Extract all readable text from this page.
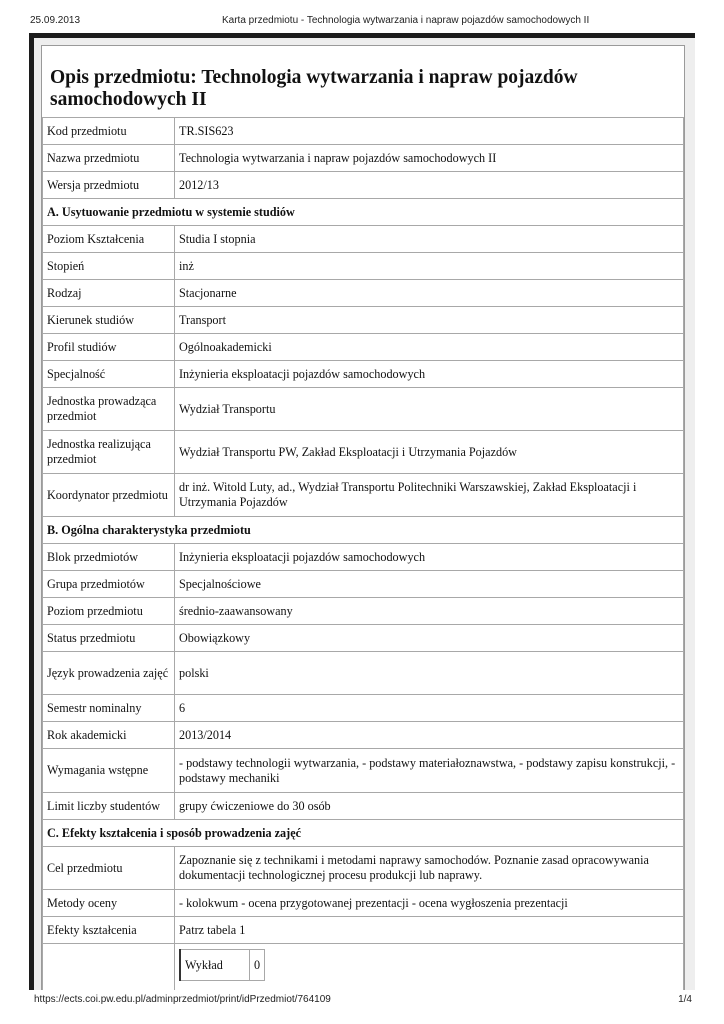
25.09.2013	Karta przedmiotu - Technologia wytwarzania i napraw pojazdów samochodowych II
Opis przedmiotu: Technologia wytwarzania i napraw pojazdów samochodowych II
Kod przedmiotu	TR.SIS623
Nazwa przedmiotu	Technologia wytwarzania i napraw pojazdów samochodowych II
Wersja przedmiotu	2012/13
A. Usytuowanie przedmiotu w systemie studiów
Poziom Kształcenia	Studia I stopnia
Stopień	inż
Rodzaj	Stacjonarne
Kierunek studiów	Transport
Profil studiów	Ogólnoakademicki
Specjalność	Inżynieria eksploatacji pojazdów samochodowych
Jednostka prowadząca przedmiot	Wydział Transportu
Jednostka realizująca przedmiot	Wydział Transportu PW, Zakład Eksploatacji i Utrzymania Pojazdów
Koordynator przedmiotu	dr inż. Witold Luty, ad., Wydział Transportu Politechniki Warszawskiej, Zakład Eksploatacji i Utrzymania Pojazdów
B. Ogólna charakterystyka przedmiotu
Blok przedmiotów	Inżynieria eksploatacji pojazdów samochodowych
Grupa przedmiotów	Specjalnościowe
Poziom przedmiotu	średnio-zaawansowany
Status przedmiotu	Obowiązkowy
Język prowadzenia zajęć	polski
Semestr nominalny	6
Rok akademicki	2013/2014
Wymagania wstępne	- podstawy technologii wytwarzania, - podstawy materiałoznawstwa, - podstawy zapisu konstrukcji, - podstawy mechaniki
Limit liczby studentów	grupy ćwiczeniowe do 30 osób
C. Efekty kształcenia i sposób prowadzenia zajęć
Cel przedmiotu	Zapoznanie się z technikami i metodami naprawy samochodów. Poznanie zasad opracowywania dokumentacji technologicznej procesu produkcji lub naprawy.
Metody oceny	- kolokwum - ocena przygotowanej prezentacji - ocena wygłoszenia prezentacji
Efekty kształcenia	Patrz tabela 1

Wykład	0
https://ects.coi.pw.edu.pl/adminprzedmiot/print/idPrzedmiot/764109	1/4
